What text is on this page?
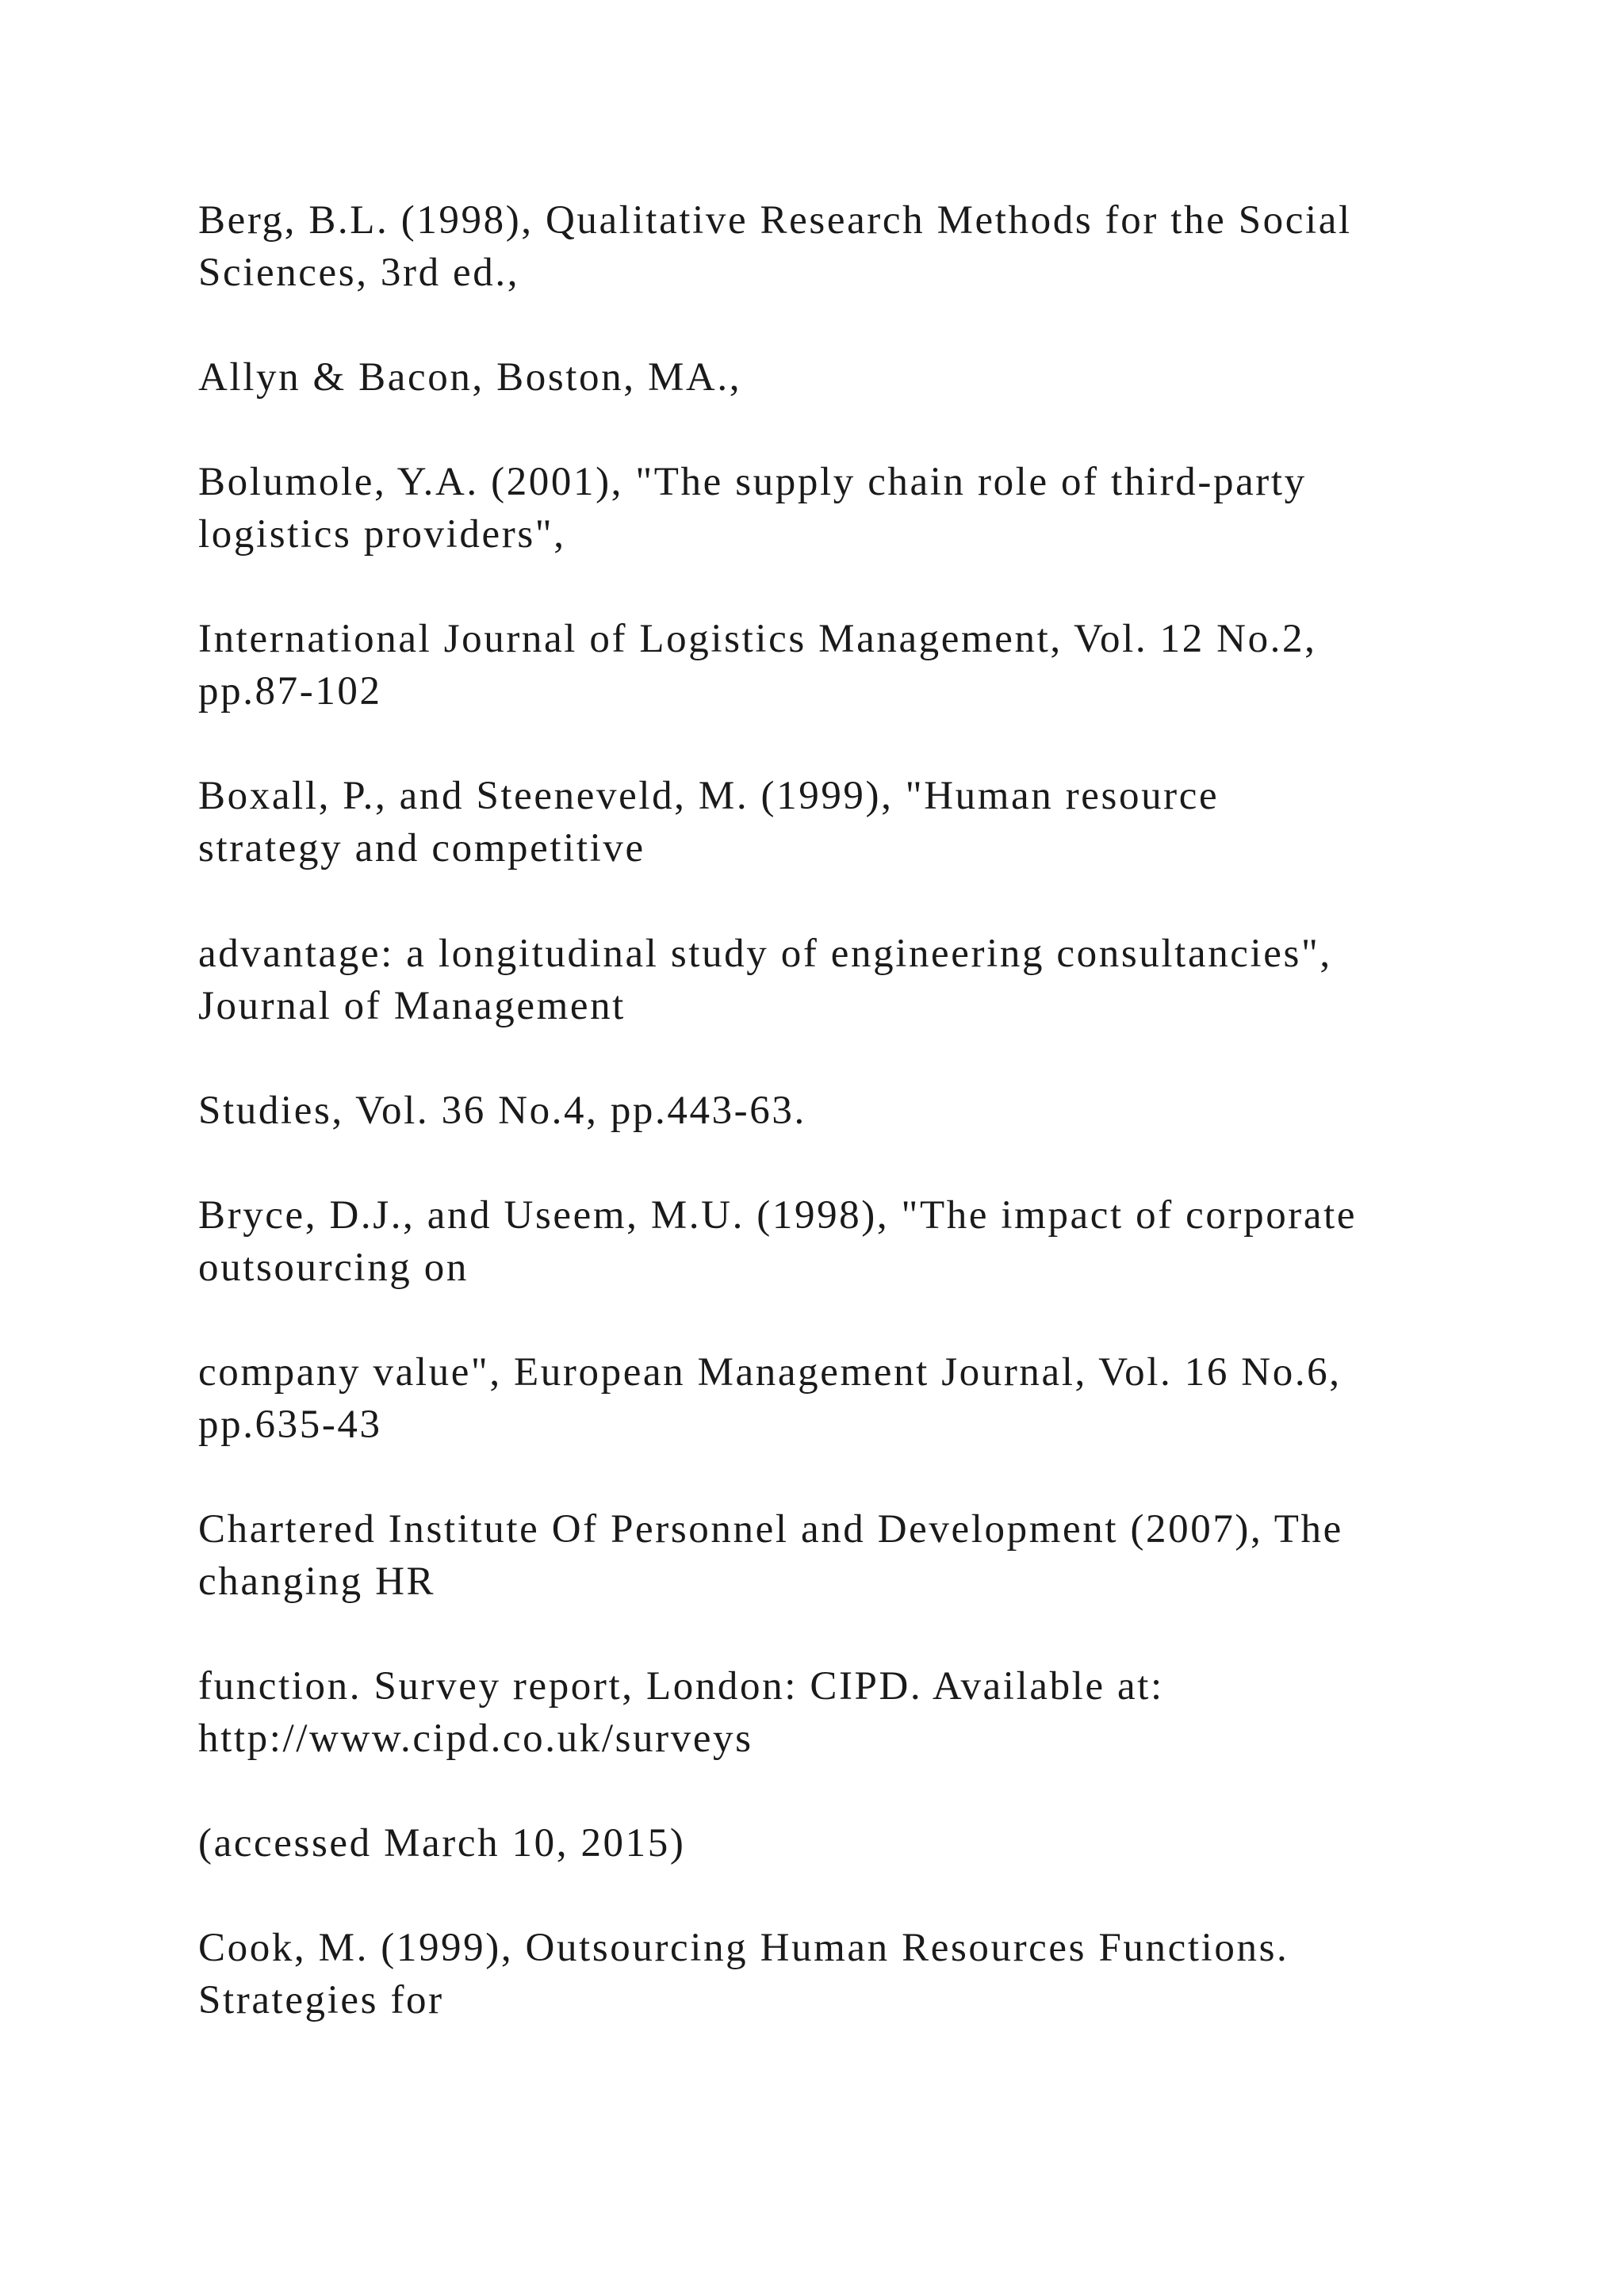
Berg, B.L. (1998), Qualitative Research Methods for the Social
Sciences, 3rd ed.,

Allyn & Bacon, Boston, MA.,

Bolumole, Y.A. (2001), "The supply chain role of third-party
logistics providers",

International Journal of Logistics Management, Vol. 12 No.2,
pp.87-102

Boxall, P., and Steeneveld, M. (1999), "Human resource
strategy and competitive

advantage: a longitudinal study of engineering consultancies",
Journal of Management

Studies, Vol. 36 No.4, pp.443-63.

Bryce, D.J., and Useem, M.U. (1998), "The impact of corporate
outsourcing on

company value", European Management Journal, Vol. 16 No.6,
pp.635-43

Chartered Institute Of Personnel and Development (2007), The
changing HR

function. Survey report, London: CIPD. Available at:
http://www.cipd.co.uk/surveys

(accessed March 10, 2015)

Cook, M. (1999), Outsourcing Human Resources Functions.
Strategies for
